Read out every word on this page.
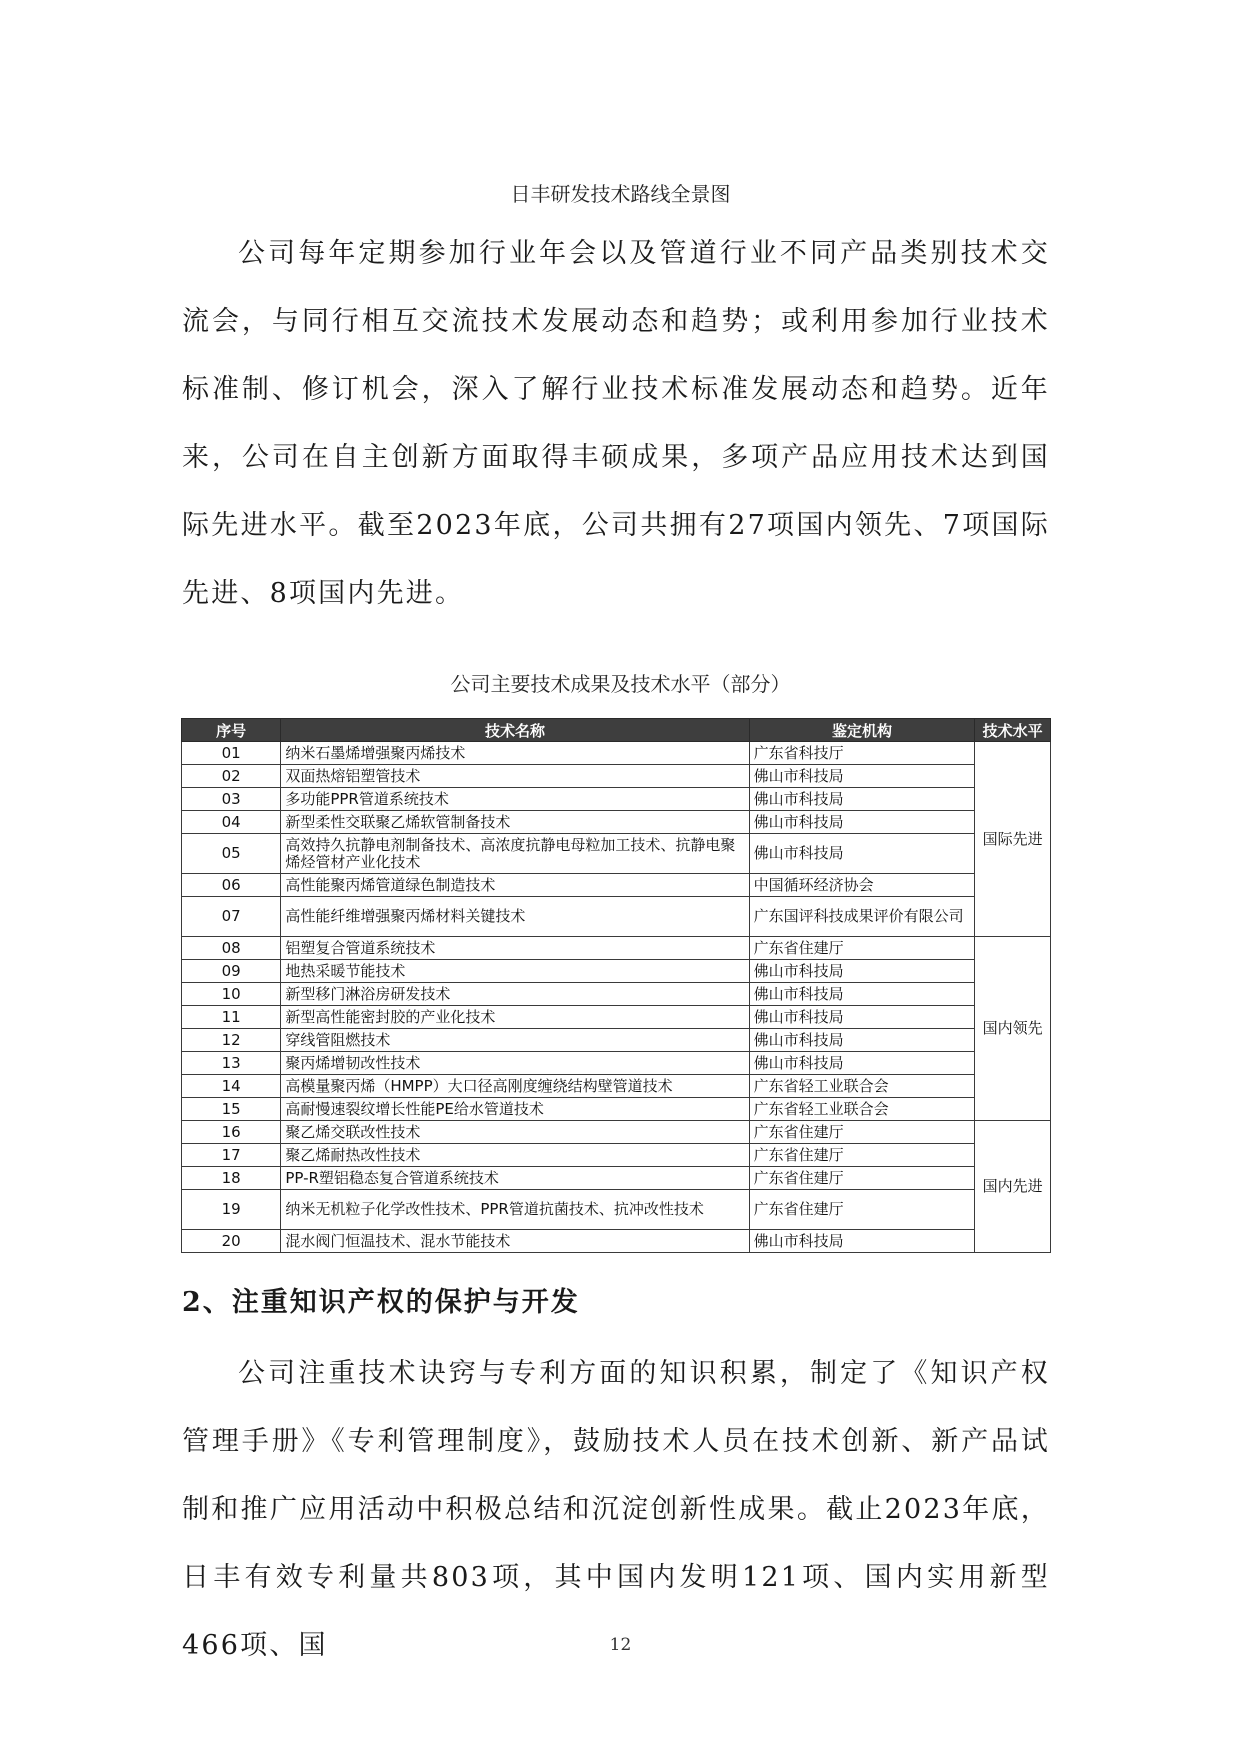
日丰研发技术路线全景图

公司每年定期参加行业年会以及管道行业不同产品类别技术交流会，与同行相互交流技术发展动态和趋势；或利用参加行业技术标准制、修订机会，深入了解行业技术标准发展动态和趋势。近年来，公司在自主创新方面取得丰硕成果，多项产品应用技术达到国际先进水平。截至2023年底，公司共拥有27项国内领先、7项国际先进、8项国内先进。

公司主要技术成果及技术水平（部分）
序号	技术名称	鉴定机构	技术水平
01	纳米石墨烯增强聚丙烯技术	广东省科技厅	国际先进
02	双面热熔铝塑管技术	佛山市科技局	
03	多功能PPR管道系统技术	佛山市科技局	
04	新型柔性交联聚乙烯软管制备技术	佛山市科技局	
05	高效持久抗静电剂制备技术、高浓度抗静电母粒加工技术、抗静电聚烯烃管材产业化技术	佛山市科技局	
06	高性能聚丙烯管道绿色制造技术	中国循环经济协会	
07	高性能纤维增强聚丙烯材料关键技术	广东国评科技成果评价有限公司	
08	铝塑复合管道系统技术	广东省住建厅	国内领先
09	地热采暖节能技术	佛山市科技局	
10	新型移门淋浴房研发技术	佛山市科技局	
11	新型高性能密封胶的产业化技术	佛山市科技局	
12	穿线管阻燃技术	佛山市科技局	
13	聚丙烯增韧改性技术	佛山市科技局	
14	高模量聚丙烯（HMPP）大口径高刚度缠绕结构壁管道技术	广东省轻工业联合会	
15	高耐慢速裂纹增长性能PE给水管道技术	广东省轻工业联合会	
16	聚乙烯交联改性技术	广东省住建厅	国内先进
17	聚乙烯耐热改性技术	广东省住建厅	
18	PP-R塑铝稳态复合管道系统技术	广东省住建厅	
19	纳米无机粒子化学改性技术、PPR管道抗菌技术、抗冲改性技术	广东省住建厅	
20	混水阀门恒温技术、混水节能技术	佛山市科技局	
2、注重知识产权的保护与开发

公司注重技术诀窍与专利方面的知识积累，制定了《知识产权管理手册》《专利管理制度》，鼓励技术人员在技术创新、新产品试制和推广应用活动中积极总结和沉淀创新性成果。截止2023年底，日丰有效专利量共803项，其中国内发明121项、国内实用新型466项、国	12
